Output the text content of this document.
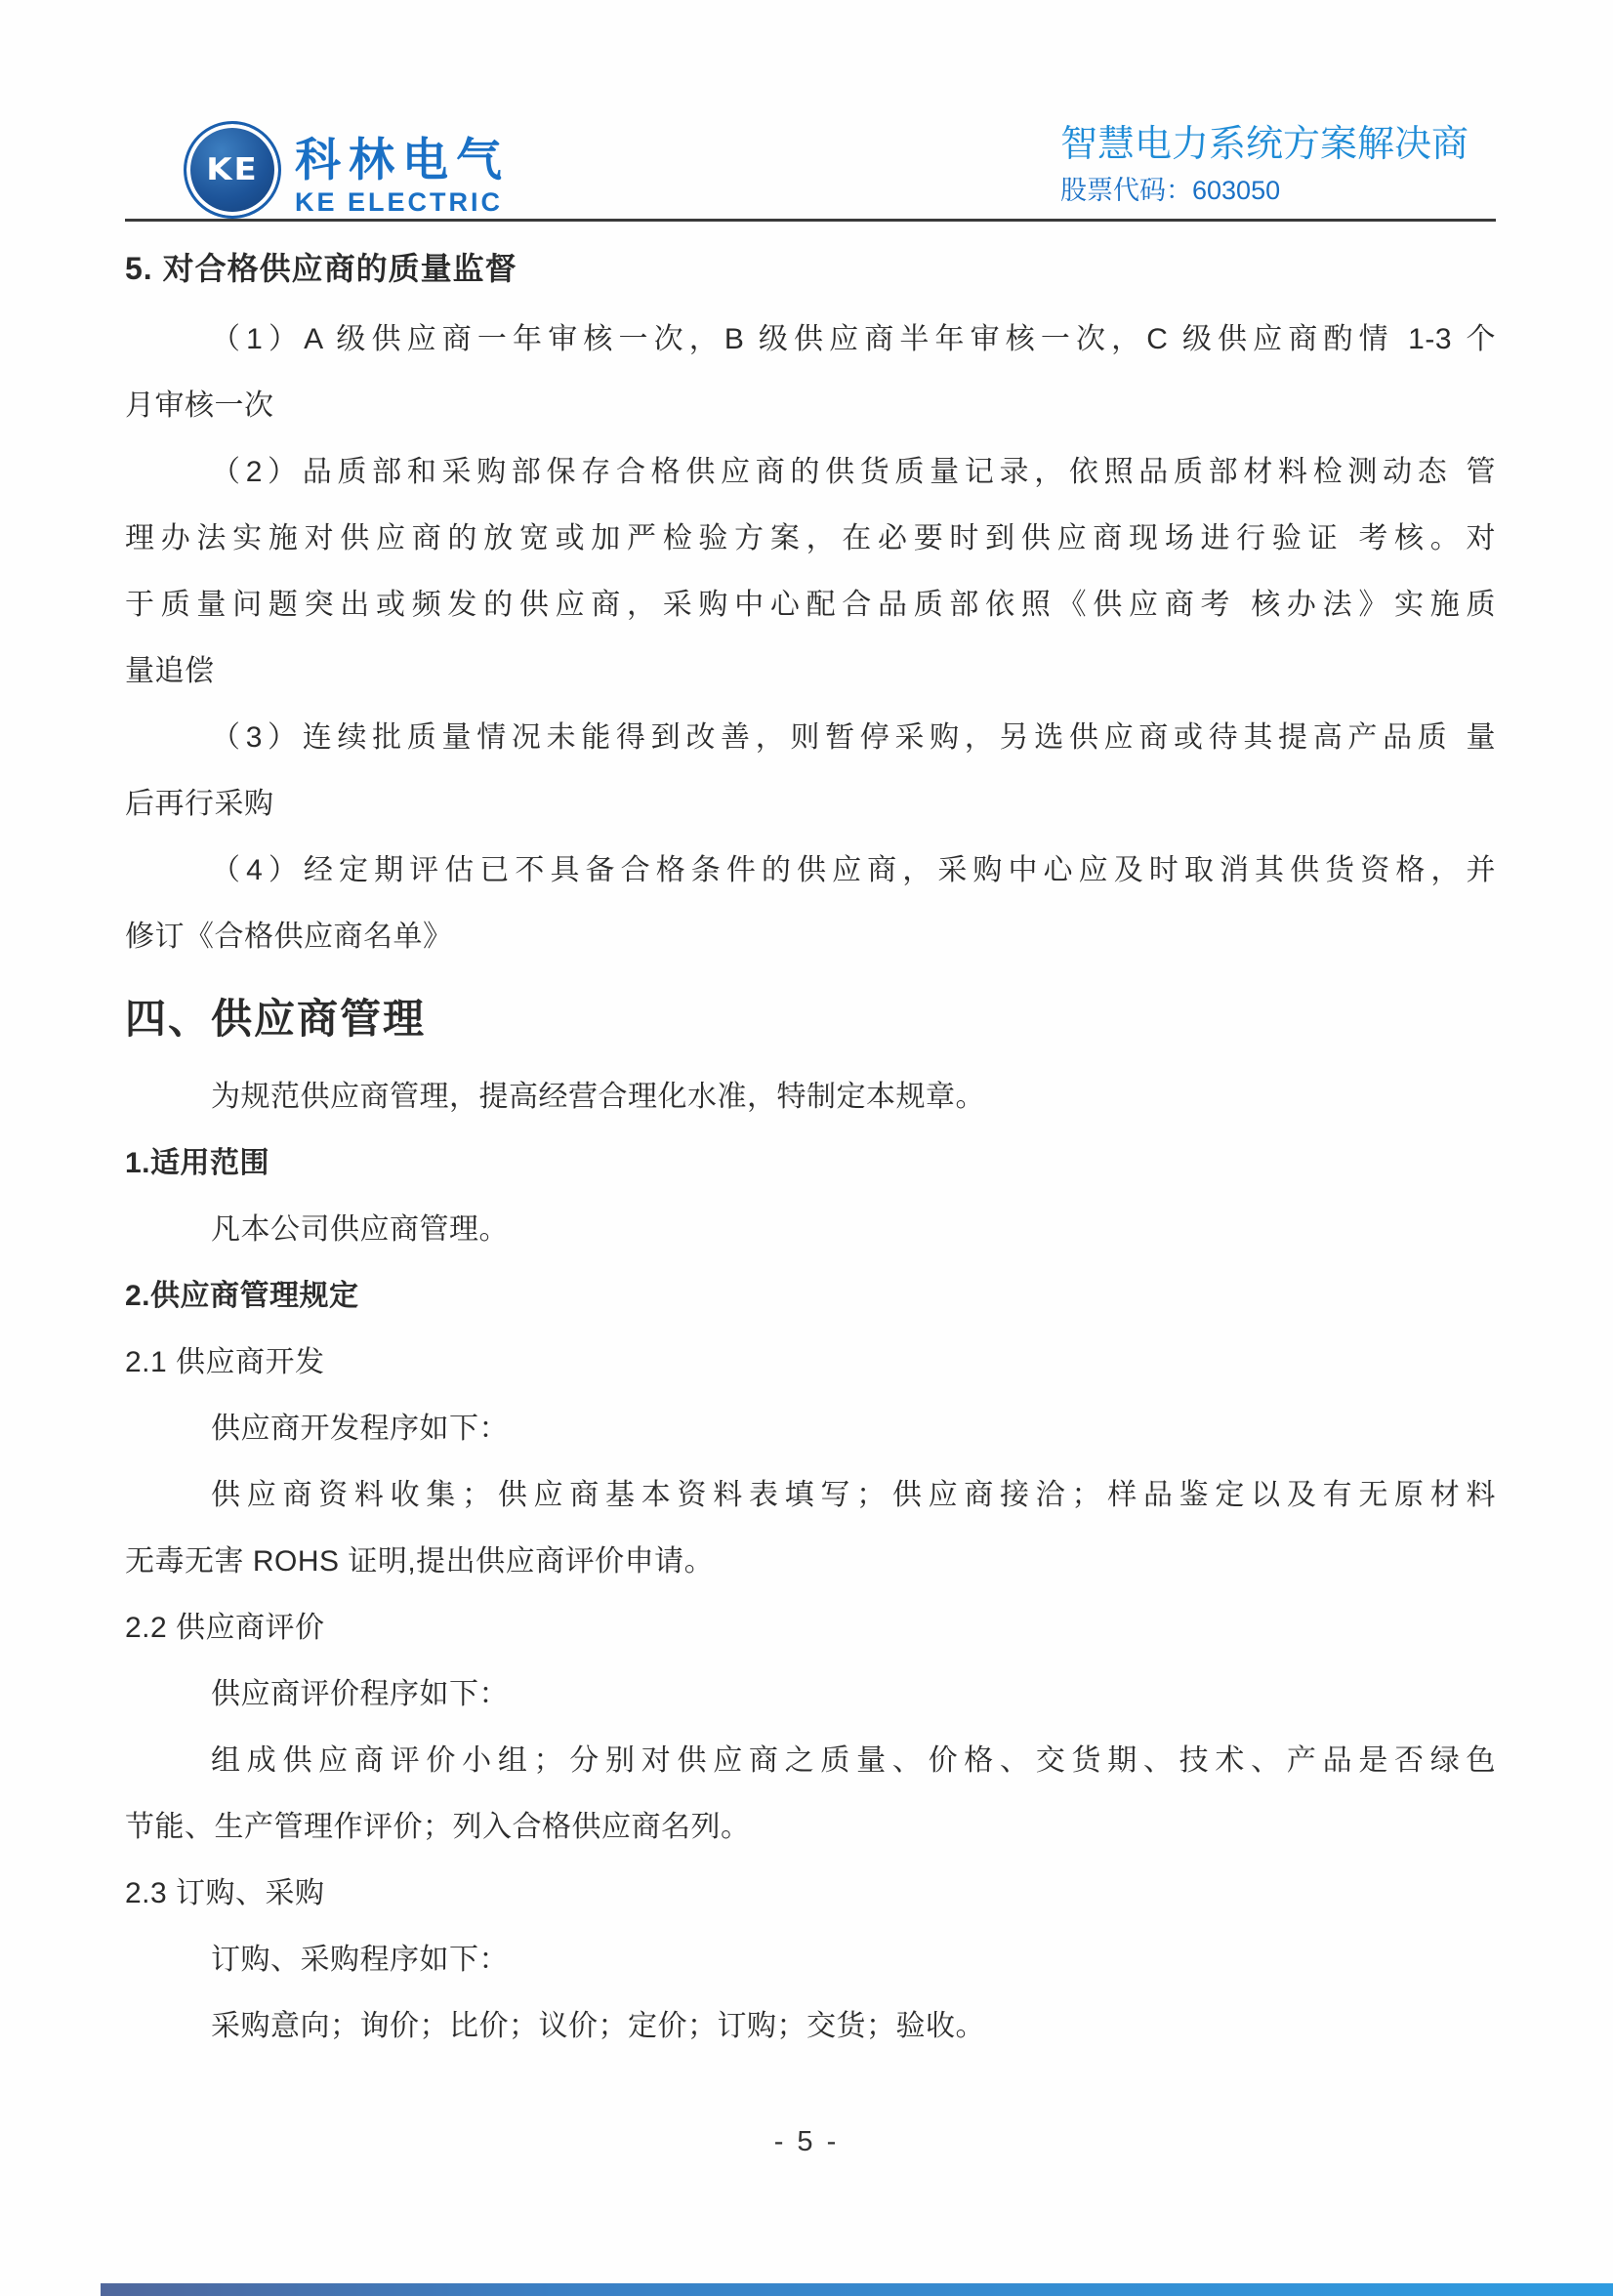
KE 科林电气
KE ELECTRIC
智慧电力系统方案解决商
股票代码：603050
5. 对合格供应商的质量监督
（1）A 级供应商一年审核一次，B 级供应商半年审核一次，C 级供应商酌情 1-3 个
月审核一次
（2）品质部和采购部保存合格供应商的供货质量记录，依照品质部材料检测动态 管
理办法实施对供应商的放宽或加严检验方案，在必要时到供应商现场进行验证 考核。对
于质量问题突出或频发的供应商，采购中心配合品质部依照《供应商考 核办法》实施质
量追偿
（3）连续批质量情况未能得到改善，则暂停采购，另选供应商或待其提高产品质 量
后再行采购
（4）经定期评估已不具备合格条件的供应商，采购中心应及时取消其供货资格，并
修订《合格供应商名单》
四、供应商管理
为规范供应商管理，提高经营合理化水准，特制定本规章。
1.适用范围
凡本公司供应商管理。
2.供应商管理规定
2.1 供应商开发
供应商开发程序如下：
供应商资料收集；供应商基本资料表填写；供应商接洽；样品鉴定以及有无原材料
无毒无害 ROHS 证明,提出供应商评价申请。
2.2 供应商评价
供应商评价程序如下：
组成供应商评价小组；分别对供应商之质量、价格、交货期、技术、产品是否绿色
节能、生产管理作评价；列入合格供应商名列。
2.3 订购、采购
订购、采购程序如下：
采购意向；询价；比价；议价；定价；订购；交货；验收。
- 5 -
